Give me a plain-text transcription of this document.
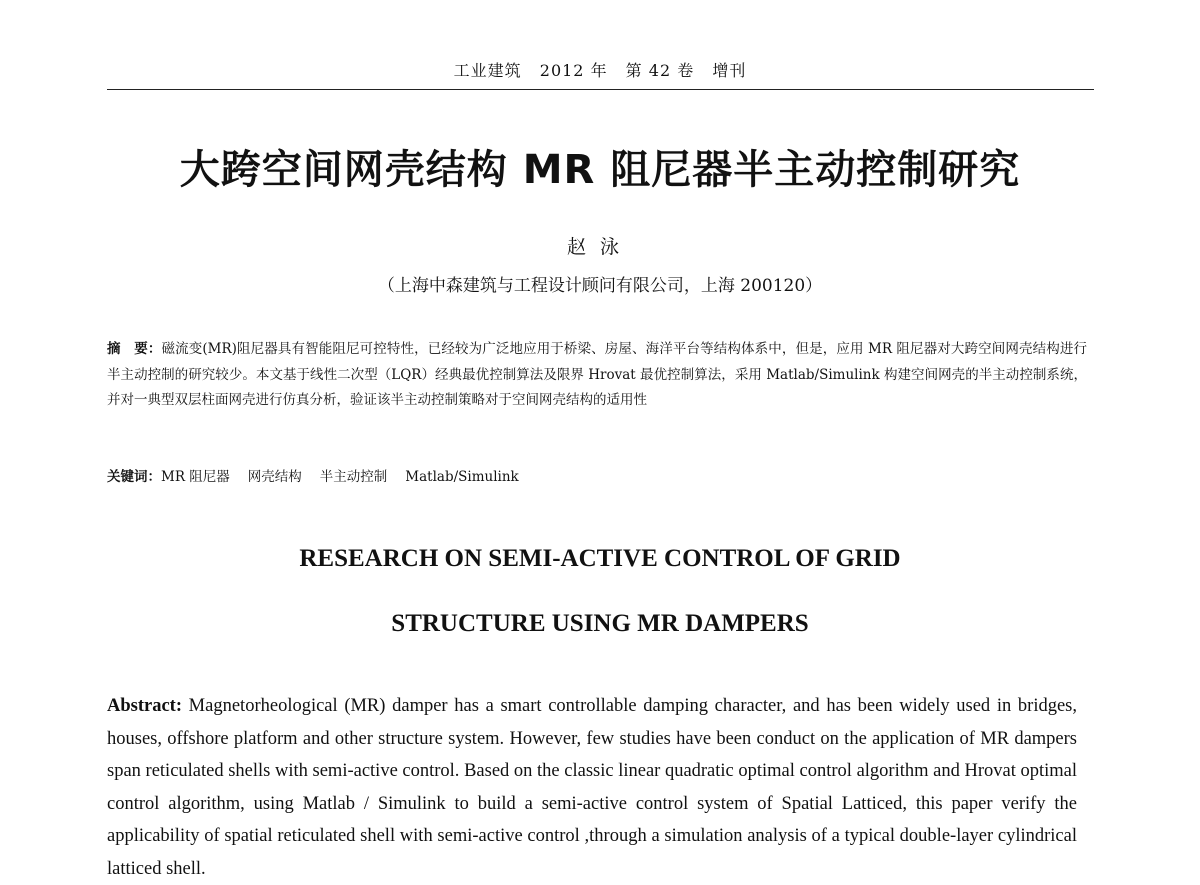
工业建筑 2012 年 第 42 卷 增刊
大跨空间网壳结构 MR 阻尼器半主动控制研究
赵泳
（上海中森建筑与工程设计顾问有限公司，上海 200120）
摘　要：磁流变(MR)阻尼器具有智能阻尼可控特性，已经较为广泛地应用于桥梁、房屋、海洋平台等结构体系中，但是，应用 MR 阻尼器对大跨空间网壳结构进行半主动控制的研究较少。本文基于线性二次型（LQR）经典最优控制算法及限界 Hrovat 最优控制算法，采用 Matlab/Simulink 构建空间网壳的半主动控制系统，并对一典型双层柱面网壳进行仿真分析，验证该半主动控制策略对于空间网壳结构的适用性
关键词：MR 阻尼器 网壳结构 半主动控制 Matlab/Simulink
RESEARCH ON SEMI-ACTIVE CONTROL OF GRID
STRUCTURE USING MR DAMPERS
Abstract: Magnetorheological (MR) damper has a smart controllable damping character, and has been widely used in bridges, houses, offshore platform and other structure system. However, few studies have been conduct on the application of MR dampers span reticulated shells with semi-active control. Based on the classic linear quadratic optimal control algorithm and Hrovat optimal control algorithm, using Matlab / Simulink to build a semi-active control system of Spatial Latticed, this paper verify the applicability of spatial reticulated shell with semi-active control ,through a simulation analysis of a typical double-layer cylindrical latticed shell.
